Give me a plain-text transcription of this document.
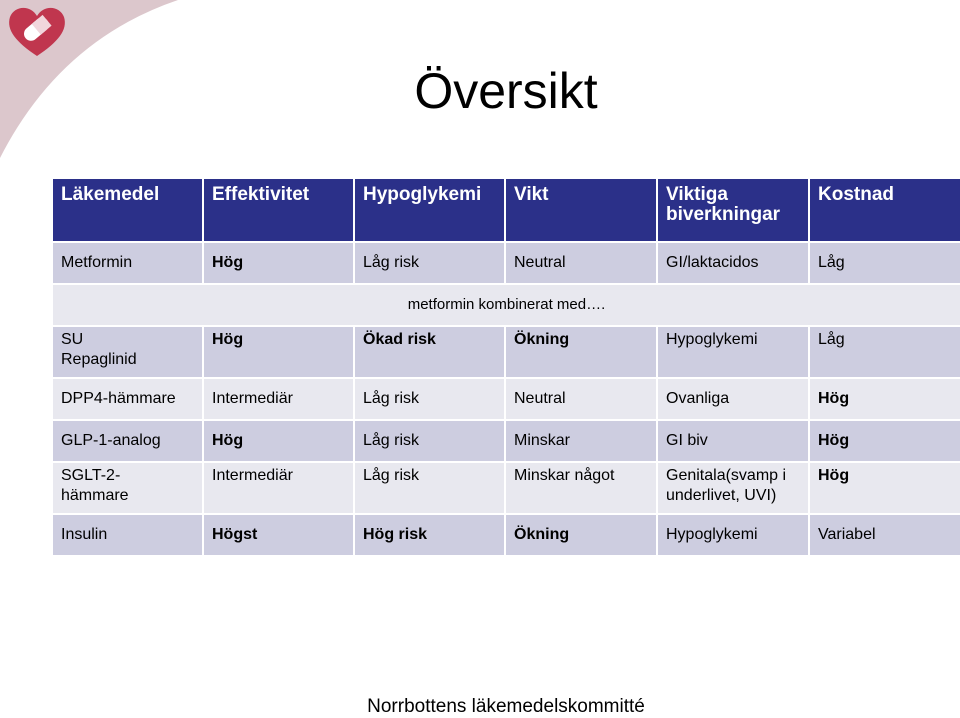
Översikt
Läkemedel	Effektivitet	Hypoglykemi	Vikt	Viktiga biverkningar	Kostnad
Metformin	Hög	Låg risk	Neutral	GI/laktacidos	Låg
metformin kombinerat med….					
SU
Repaglinid	Hög	Ökad risk	Ökning	Hypoglykemi	Låg
DPP4-hämmare	Intermediär	Låg risk	Neutral	Ovanliga	Hög
GLP-1-analog	Hög	Låg risk	Minskar	GI biv	Hög
SGLT-2-
hämmare	Intermediär	Låg risk	Minskar något	Genitala(svamp i underlivet, UVI)	Hög
Insulin	Högst	Hög risk	Ökning	Hypoglykemi	Variabel
Norrbottens läkemedelskommitté
